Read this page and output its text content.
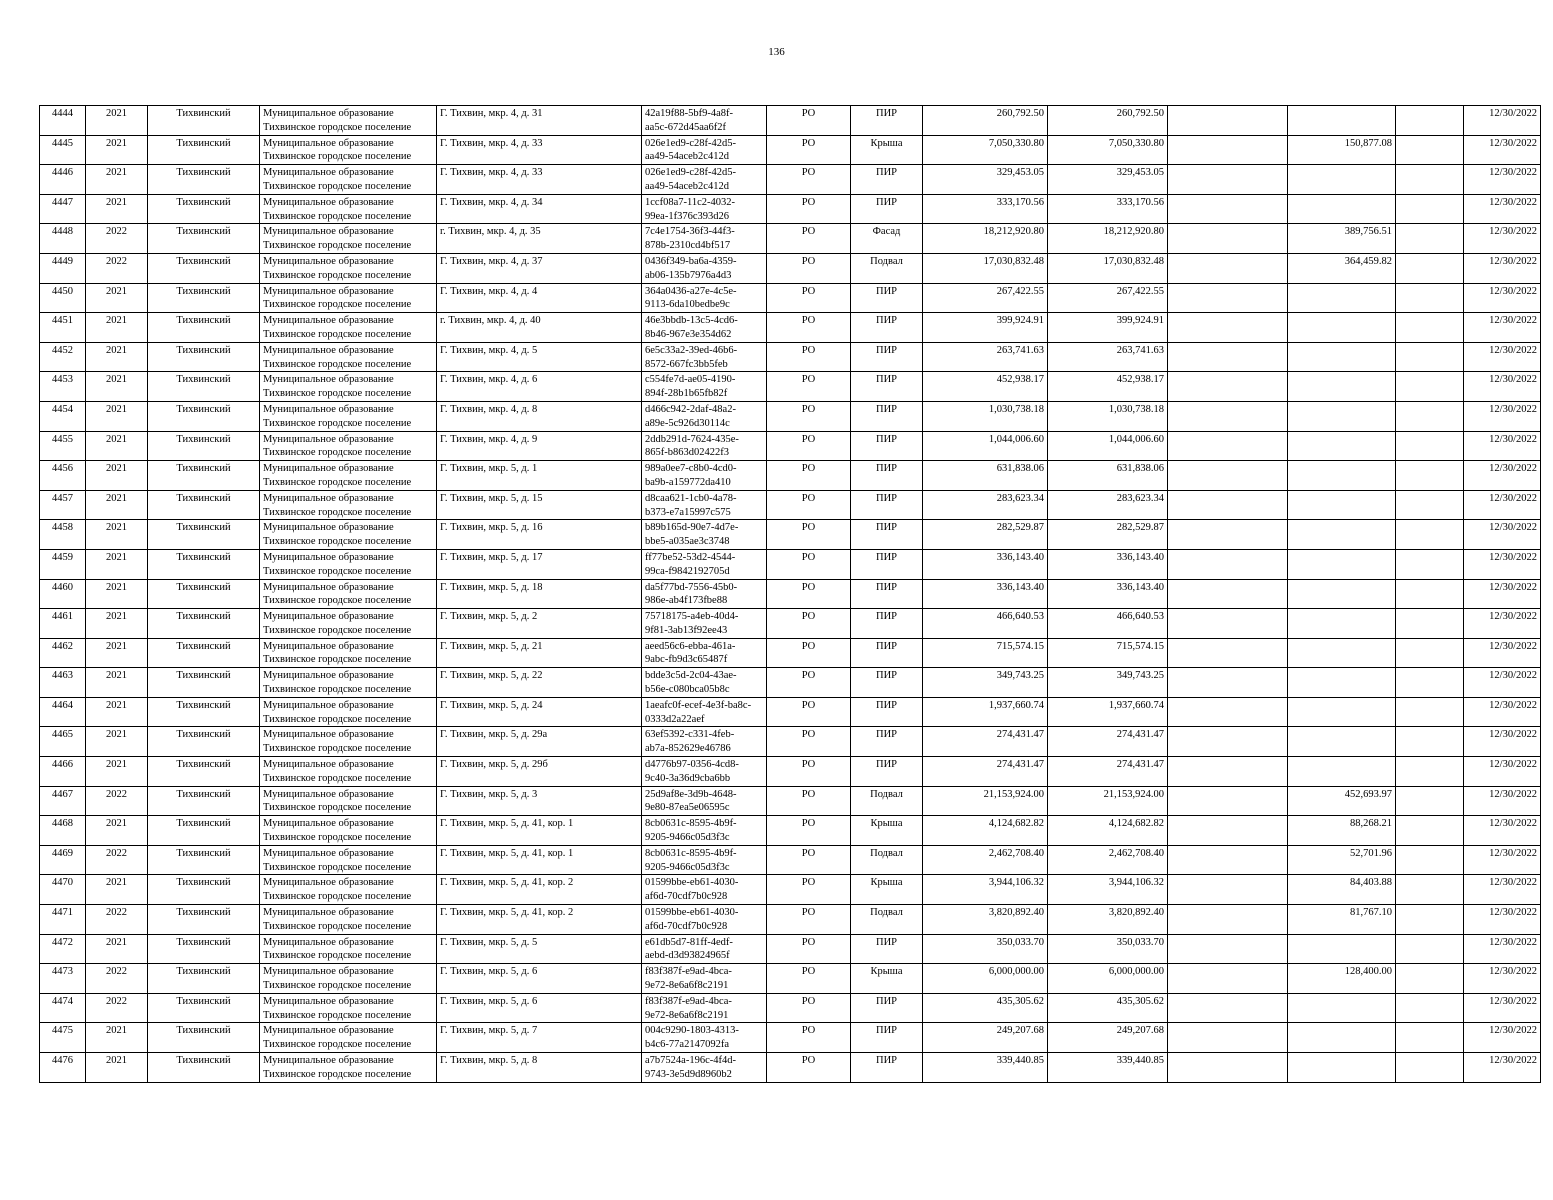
136
4444	2021	Тихвинский	Муниципальное образование
Тихвинское городское поселение	Г. Тихвин, мкр. 4, д. 31	42a19f88-5bf9-4a8f-
aa5c-672d45aa6f2f	РО	ПИР	260,792.50	260,792.50				12/30/2022

4445	2021	Тихвинский	Муниципальное образование
Тихвинское городское поселение	Г. Тихвин, мкр. 4, д. 33	026e1ed9-c28f-42d5-
aa49-54aceb2c412d	РО	Крыша	7,050,330.80	7,050,330.80		150,877.08		12/30/2022

4446	2021	Тихвинский	Муниципальное образование
Тихвинское городское поселение	Г. Тихвин, мкр. 4, д. 33	026e1ed9-c28f-42d5-
aa49-54aceb2c412d	РО	ПИР	329,453.05	329,453.05				12/30/2022

4447	2021	Тихвинский	Муниципальное образование
Тихвинское городское поселение	Г. Тихвин, мкр. 4, д. 34	1ccf08a7-11c2-4032-
99ea-1f376c393d26	РО	ПИР	333,170.56	333,170.56				12/30/2022

4448	2022	Тихвинский	Муниципальное образование
Тихвинское городское поселение	г. Тихвин, мкр. 4, д. 35	7c4e1754-36f3-44f3-
878b-2310cd4bf517	РО	Фасад	18,212,920.80	18,212,920.80		389,756.51		12/30/2022

4449	2022	Тихвинский	Муниципальное образование
Тихвинское городское поселение	Г. Тихвин, мкр. 4, д. 37	0436f349-ba6a-4359-
ab06-135b7976a4d3	РО	Подвал	17,030,832.48	17,030,832.48		364,459.82		12/30/2022

4450	2021	Тихвинский	Муниципальное образование
Тихвинское городское поселение	Г. Тихвин, мкр. 4, д. 4	364a0436-a27e-4c5e-
9113-6da10bedbe9c	РО	ПИР	267,422.55	267,422.55				12/30/2022

4451	2021	Тихвинский	Муниципальное образование
Тихвинское городское поселение	г. Тихвин, мкр. 4, д. 40	46e3bbdb-13c5-4cd6-
8b46-967e3e354d62	РО	ПИР	399,924.91	399,924.91				12/30/2022

4452	2021	Тихвинский	Муниципальное образование
Тихвинское городское поселение	Г. Тихвин, мкр. 4, д. 5	6e5c33a2-39ed-46b6-
8572-667fc3bb5feb	РО	ПИР	263,741.63	263,741.63				12/30/2022

4453	2021	Тихвинский	Муниципальное образование
Тихвинское городское поселение	Г. Тихвин, мкр. 4, д. 6	c554fe7d-ae05-4190-
894f-28b1b65fb82f	РО	ПИР	452,938.17	452,938.17				12/30/2022

4454	2021	Тихвинский	Муниципальное образование
Тихвинское городское поселение	Г. Тихвин, мкр. 4, д. 8	d466c942-2daf-48a2-
a89e-5c926d30114c	РО	ПИР	1,030,738.18	1,030,738.18				12/30/2022

4455	2021	Тихвинский	Муниципальное образование
Тихвинское городское поселение	Г. Тихвин, мкр. 4, д. 9	2ddb291d-7624-435e-
865f-b863d02422f3	РО	ПИР	1,044,006.60	1,044,006.60				12/30/2022

4456	2021	Тихвинский	Муниципальное образование
Тихвинское городское поселение	Г. Тихвин, мкр. 5, д. 1	989a0ee7-c8b0-4cd0-
ba9b-a159772da410	РО	ПИР	631,838.06	631,838.06				12/30/2022

4457	2021	Тихвинский	Муниципальное образование
Тихвинское городское поселение	Г. Тихвин, мкр. 5, д. 15	d8caa621-1cb0-4a78-
b373-e7a15997c575	РО	ПИР	283,623.34	283,623.34				12/30/2022

4458	2021	Тихвинский	Муниципальное образование
Тихвинское городское поселение	Г. Тихвин, мкр. 5, д. 16	b89b165d-90e7-4d7e-
bbe5-a035ae3c3748	РО	ПИР	282,529.87	282,529.87				12/30/2022

4459	2021	Тихвинский	Муниципальное образование
Тихвинское городское поселение	Г. Тихвин, мкр. 5, д. 17	ff77be52-53d2-4544-
99ca-f9842192705d	РО	ПИР	336,143.40	336,143.40				12/30/2022

4460	2021	Тихвинский	Муниципальное образование
Тихвинское городское поселение	Г. Тихвин, мкр. 5, д. 18	da5f77bd-7556-45b0-
986e-ab4f173fbe88	РО	ПИР	336,143.40	336,143.40				12/30/2022

4461	2021	Тихвинский	Муниципальное образование
Тихвинское городское поселение	Г. Тихвин, мкр. 5, д. 2	75718175-a4eb-40d4-
9f81-3ab13f92ee43	РО	ПИР	466,640.53	466,640.53				12/30/2022

4462	2021	Тихвинский	Муниципальное образование
Тихвинское городское поселение	Г. Тихвин, мкр. 5, д. 21	aeed56c6-ebba-461a-
9abc-fb9d3c65487f	РО	ПИР	715,574.15	715,574.15				12/30/2022

4463	2021	Тихвинский	Муниципальное образование
Тихвинское городское поселение	Г. Тихвин, мкр. 5, д. 22	bdde3c5d-2c04-43ae-
b56e-c080bca05b8c	РО	ПИР	349,743.25	349,743.25				12/30/2022

4464	2021	Тихвинский	Муниципальное образование
Тихвинское городское поселение	Г. Тихвин, мкр. 5, д. 24	1aeafc0f-ecef-4e3f-ba8c-
0333d2a22aef	РО	ПИР	1,937,660.74	1,937,660.74				12/30/2022

4465	2021	Тихвинский	Муниципальное образование
Тихвинское городское поселение	Г. Тихвин, мкр. 5, д. 29а	63ef5392-c331-4feb-
ab7a-852629e46786	РО	ПИР	274,431.47	274,431.47				12/30/2022

4466	2021	Тихвинский	Муниципальное образование
Тихвинское городское поселение	Г. Тихвин, мкр. 5, д. 29б	d4776b97-0356-4cd8-
9c40-3a36d9cba6bb	РО	ПИР	274,431.47	274,431.47				12/30/2022

4467	2022	Тихвинский	Муниципальное образование
Тихвинское городское поселение	Г. Тихвин, мкр. 5, д. 3	25d9af8e-3d9b-4648-
9e80-87ea5e06595c	РО	Подвал	21,153,924.00	21,153,924.00		452,693.97		12/30/2022

4468	2021	Тихвинский	Муниципальное образование
Тихвинское городское поселение	Г. Тихвин, мкр. 5, д. 41, кор. 1	8cb0631c-8595-4b9f-
9205-9466c05d3f3c	РО	Крыша	4,124,682.82	4,124,682.82		88,268.21		12/30/2022

4469	2022	Тихвинский	Муниципальное образование
Тихвинское городское поселение	Г. Тихвин, мкр. 5, д. 41, кор. 1	8cb0631c-8595-4b9f-
9205-9466c05d3f3c	РО	Подвал	2,462,708.40	2,462,708.40		52,701.96		12/30/2022

4470	2021	Тихвинский	Муниципальное образование
Тихвинское городское поселение	Г. Тихвин, мкр. 5, д. 41, кор. 2	01599bbe-eb61-4030-
af6d-70cdf7b0c928	РО	Крыша	3,944,106.32	3,944,106.32		84,403.88		12/30/2022

4471	2022	Тихвинский	Муниципальное образование
Тихвинское городское поселение	Г. Тихвин, мкр. 5, д. 41, кор. 2	01599bbe-eb61-4030-
af6d-70cdf7b0c928	РО	Подвал	3,820,892.40	3,820,892.40		81,767.10		12/30/2022

4472	2021	Тихвинский	Муниципальное образование
Тихвинское городское поселение	Г. Тихвин, мкр. 5, д. 5	e61db5d7-81ff-4edf-
aebd-d3d93824965f	РО	ПИР	350,033.70	350,033.70				12/30/2022

4473	2022	Тихвинский	Муниципальное образование
Тихвинское городское поселение	Г. Тихвин, мкр. 5, д. 6	f83f387f-e9ad-4bca-
9e72-8e6a6f8c2191	РО	Крыша	6,000,000.00	6,000,000.00		128,400.00		12/30/2022

4474	2022	Тихвинский	Муниципальное образование
Тихвинское городское поселение	Г. Тихвин, мкр. 5, д. 6	f83f387f-e9ad-4bca-
9e72-8e6a6f8c2191	РО	ПИР	435,305.62	435,305.62				12/30/2022

4475	2021	Тихвинский	Муниципальное образование
Тихвинское городское поселение	Г. Тихвин, мкр. 5, д. 7	004c9290-1803-4313-
b4c6-77a2147092fa	РО	ПИР	249,207.68	249,207.68				12/30/2022

4476	2021	Тихвинский	Муниципальное образование
Тихвинское городское поселение	Г. Тихвин, мкр. 5, д. 8	a7b7524a-196c-4f4d-
9743-3e5d9d8960b2	РО	ПИР	339,440.85	339,440.85				12/30/2022
